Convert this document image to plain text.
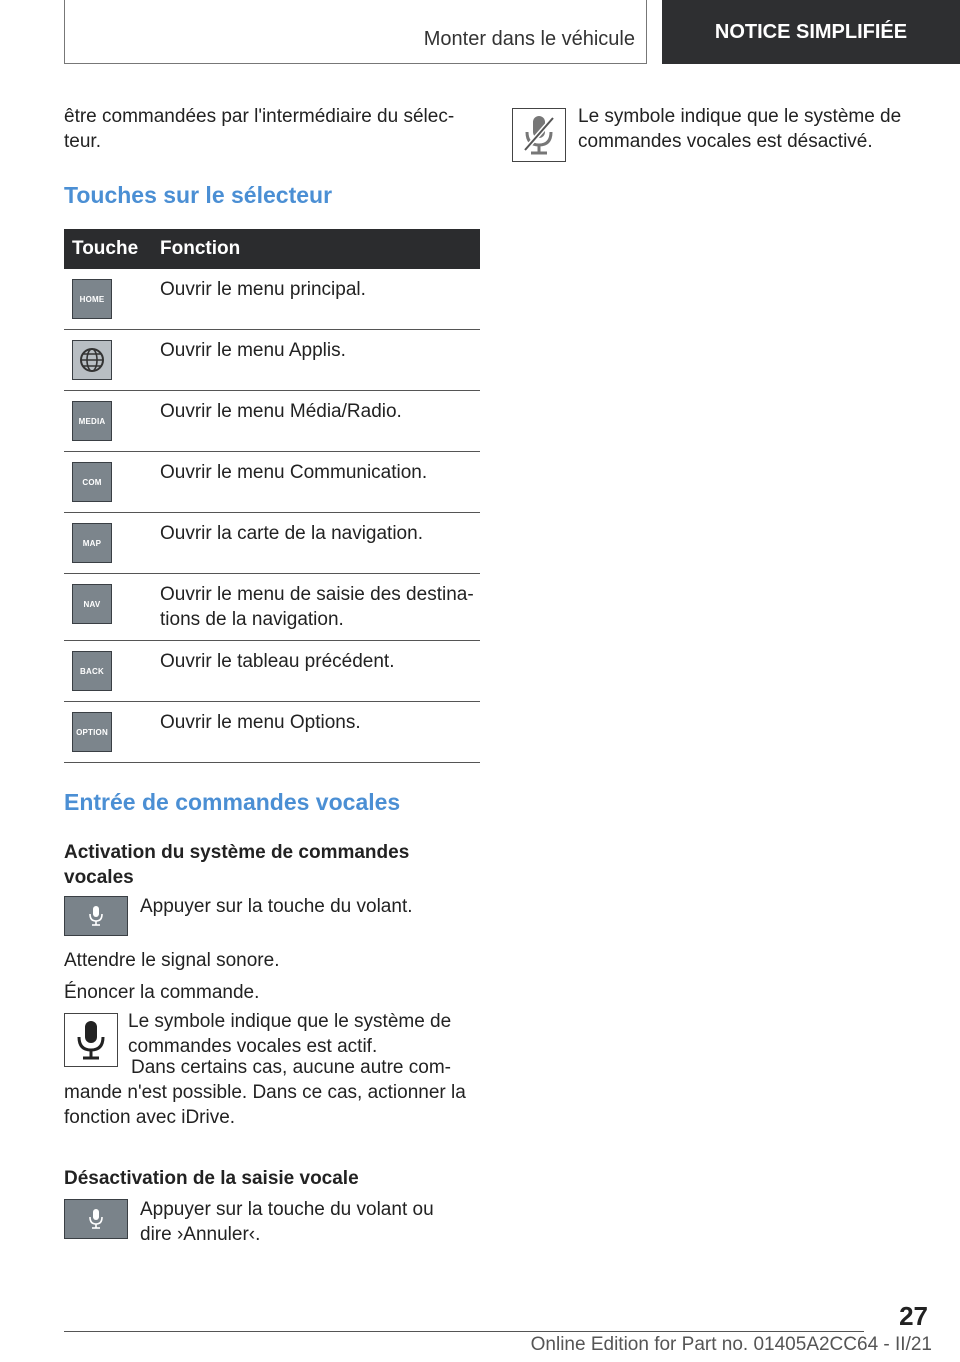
Monter dans le véhicule	NOTICE SIMPLIFIÉE

être commandées par l'intermédiaire du sélec‐teur.

Touches sur le sélecteur
Touche	Fonction

HOME	Ouvrir le menu principal.

	Ouvrir le menu Applis.

MEDIA	Ouvrir le menu Média/Radio.

COM	Ouvrir le menu Communication.

MAP	Ouvrir la carte de la navigation.

NAV	Ouvrir le menu de saisie des destina‐tions de la navigation.

BACK	Ouvrir le tableau précédent.

OPTION	Ouvrir le menu Options.
Entrée de commandes vocales
Activation du système de commandes vocales

Appuyer sur la touche du volant.

Attendre le signal sonore.

Énoncer la commande.

Le symbole indique que le système de commandes vocales est actif.

Dans certains cas, aucune autre com‐mande n'est possible. Dans ce cas, actionner la fonction avec iDrive.

Désactivation de la saisie vocale

Appuyer sur la touche du volant ou dire ›Annuler‹.

Le symbole indique que le système de commandes vocales est désactivé.

27
Online Edition for Part no. 01405A2CC64 - II/21
